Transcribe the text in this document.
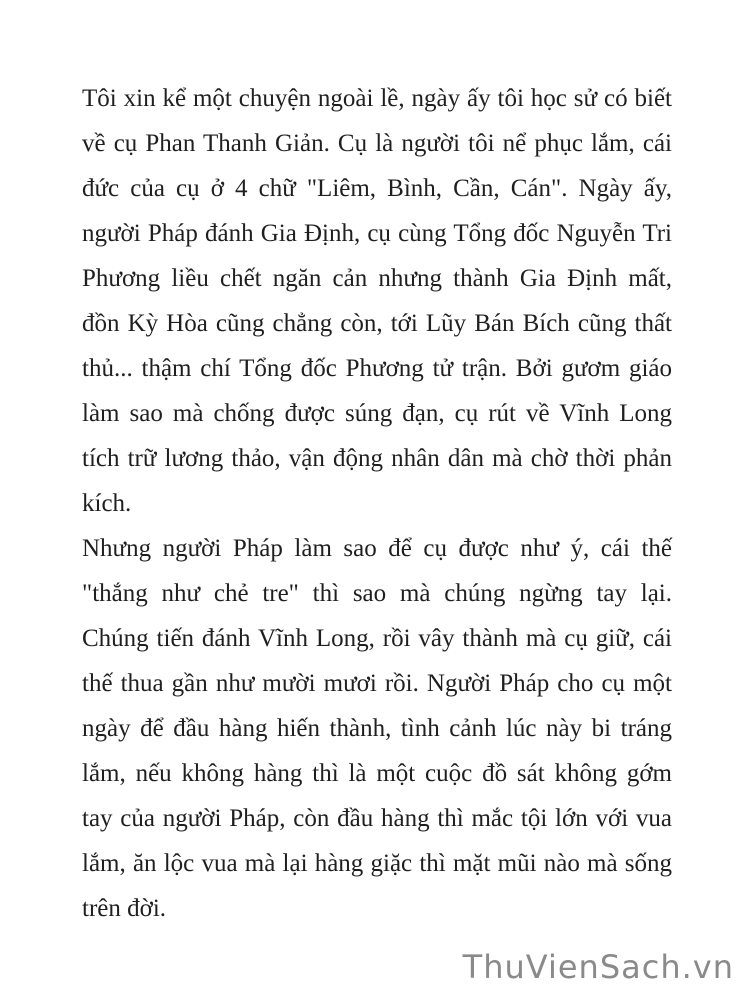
Tôi xin kể một chuyện ngoài lề, ngày ấy tôi học sử có biết
về cụ Phan Thanh Giản. Cụ là người tôi nể phục lắm, cái
đức của cụ ở 4 chữ "Liêm, Bình, Cần, Cán". Ngày ấy,
người Pháp đánh Gia Định, cụ cùng Tổng đốc Nguyễn Tri
Phương liều chết ngăn cản nhưng thành Gia Định mất,
đồn Kỳ Hòa cũng chẳng còn, tới Lũy Bán Bích cũng thất
thủ... thậm chí Tổng đốc Phương tử trận. Bởi gươm giáo
làm sao mà chống được súng đạn, cụ rút về Vĩnh Long
tích trữ lương thảo, vận động nhân dân mà chờ thời phản
kích.
Nhưng người Pháp làm sao để cụ được như ý, cái thế
"thắng như chẻ tre" thì sao mà chúng ngừng tay lại.
Chúng tiến đánh Vĩnh Long, rồi vây thành mà cụ giữ, cái
thế thua gần như mười mươi rồi. Người Pháp cho cụ một
ngày để đầu hàng hiến thành, tình cảnh lúc này bi tráng
lắm, nếu không hàng thì là một cuộc đồ sát không gớm
tay của người Pháp, còn đầu hàng thì mắc tội lớn với vua
lắm, ăn lộc vua mà lại hàng giặc thì mặt mũi nào mà sống
trên đời.
ThuVienSach.vn
